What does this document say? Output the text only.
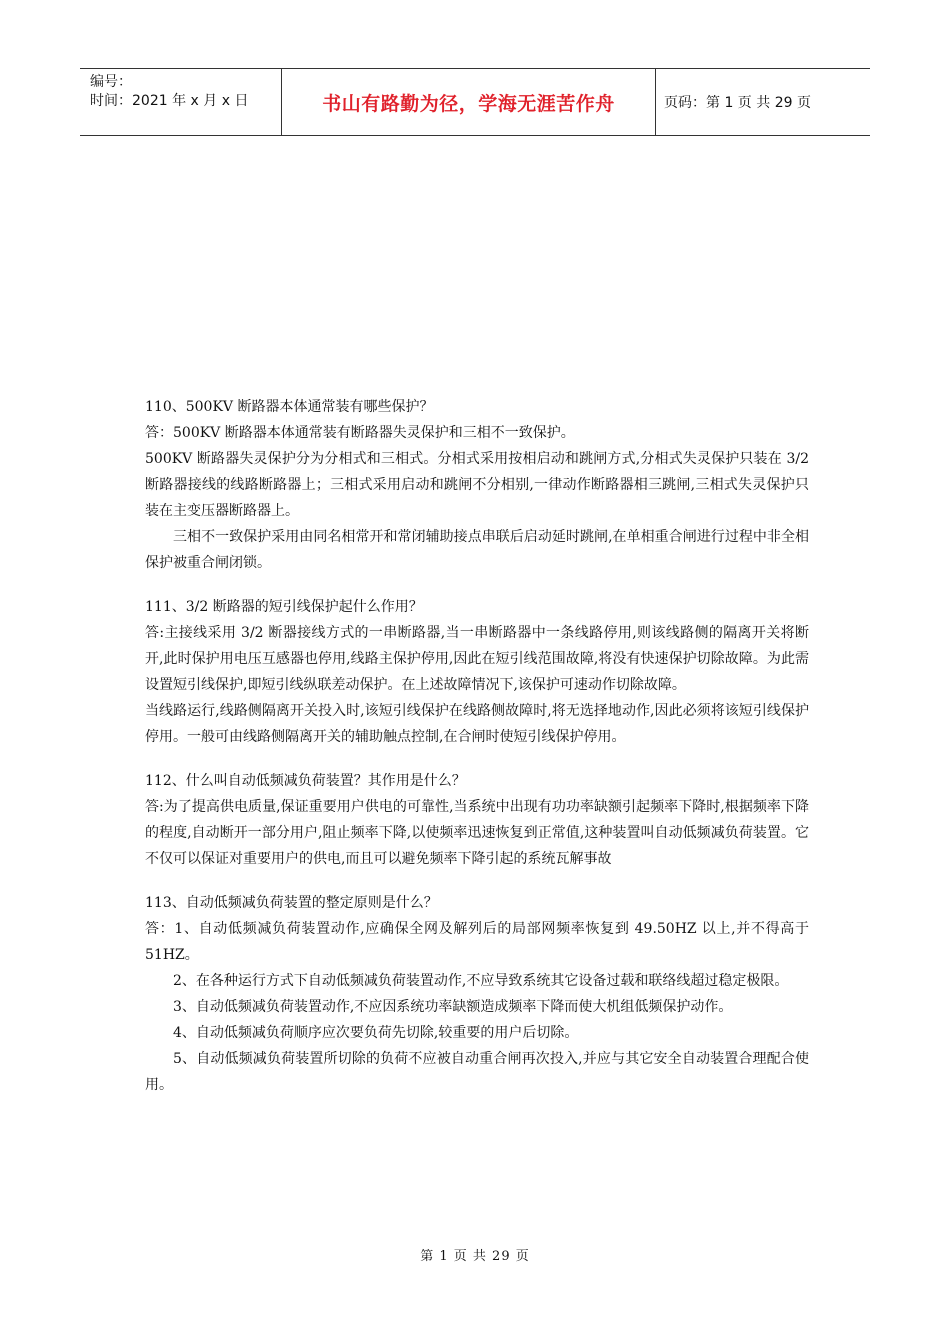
编号：
时间：2021 年 x 月 x 日	书山有路勤为径，学海无涯苦作舟	页码：第 1 页 共 29 页

110、500KV 断路器本体通常装有哪些保护？

答：500KV 断路器本体通常装有断路器失灵保护和三相不一致保护。

500KV 断路器失灵保护分为分相式和三相式。分相式采用按相启动和跳闸方式,分相式失灵保护只装在 3/2 断路器接线的线路断路器上；三相式采用启动和跳闸不分相别,一律动作断路器相三跳闸,三相式失灵保护只装在主变压器断路器上。

三相不一致保护采用由同名相常开和常闭辅助接点串联后启动延时跳闸,在单相重合闸进行过程中非全相保护被重合闸闭锁。

111、3/2 断路器的短引线保护起什么作用？

答:主接线采用 3/2 断器接线方式的一串断路器,当一串断路器中一条线路停用,则该线路侧的隔离开关将断开,此时保护用电压互感器也停用,线路主保护停用,因此在短引线范围故障,将没有快速保护切除故障。为此需设置短引线保护,即短引线纵联差动保护。在上述故障情况下,该保护可速动作切除故障。

当线路运行,线路侧隔离开关投入时,该短引线保护在线路侧故障时,将无选择地动作,因此必须将该短引线保护停用。一般可由线路侧隔离开关的辅助触点控制,在合闸时使短引线保护停用。

112、什么叫自动低频减负荷装置？其作用是什么？

答:为了提高供电质量,保证重要用户供电的可靠性,当系统中出现有功功率缺额引起频率下降时,根据频率下降的程度,自动断开一部分用户,阻止频率下降,以使频率迅速恢复到正常值,这种装置叫自动低频减负荷装置。它不仅可以保证对重要用户的供电,而且可以避免频率下降引起的系统瓦解事故

113、自动低频减负荷装置的整定原则是什么？

答：1、自动低频减负荷装置动作,应确保全网及解列后的局部网频率恢复到 49.50HZ 以上,并不得高于 51HZ。

2、在各种运行方式下自动低频减负荷装置动作,不应导致系统其它设备过载和联络线超过稳定极限。

3、自动低频减负荷装置动作,不应因系统功率缺额造成频率下降而使大机组低频保护动作。

4、自动低频减负荷顺序应次要负荷先切除,较重要的用户后切除。

5、自动低频减负荷装置所切除的负荷不应被自动重合闸再次投入,并应与其它安全自动装置合理配合使用。

第 1 页 共 29 页
